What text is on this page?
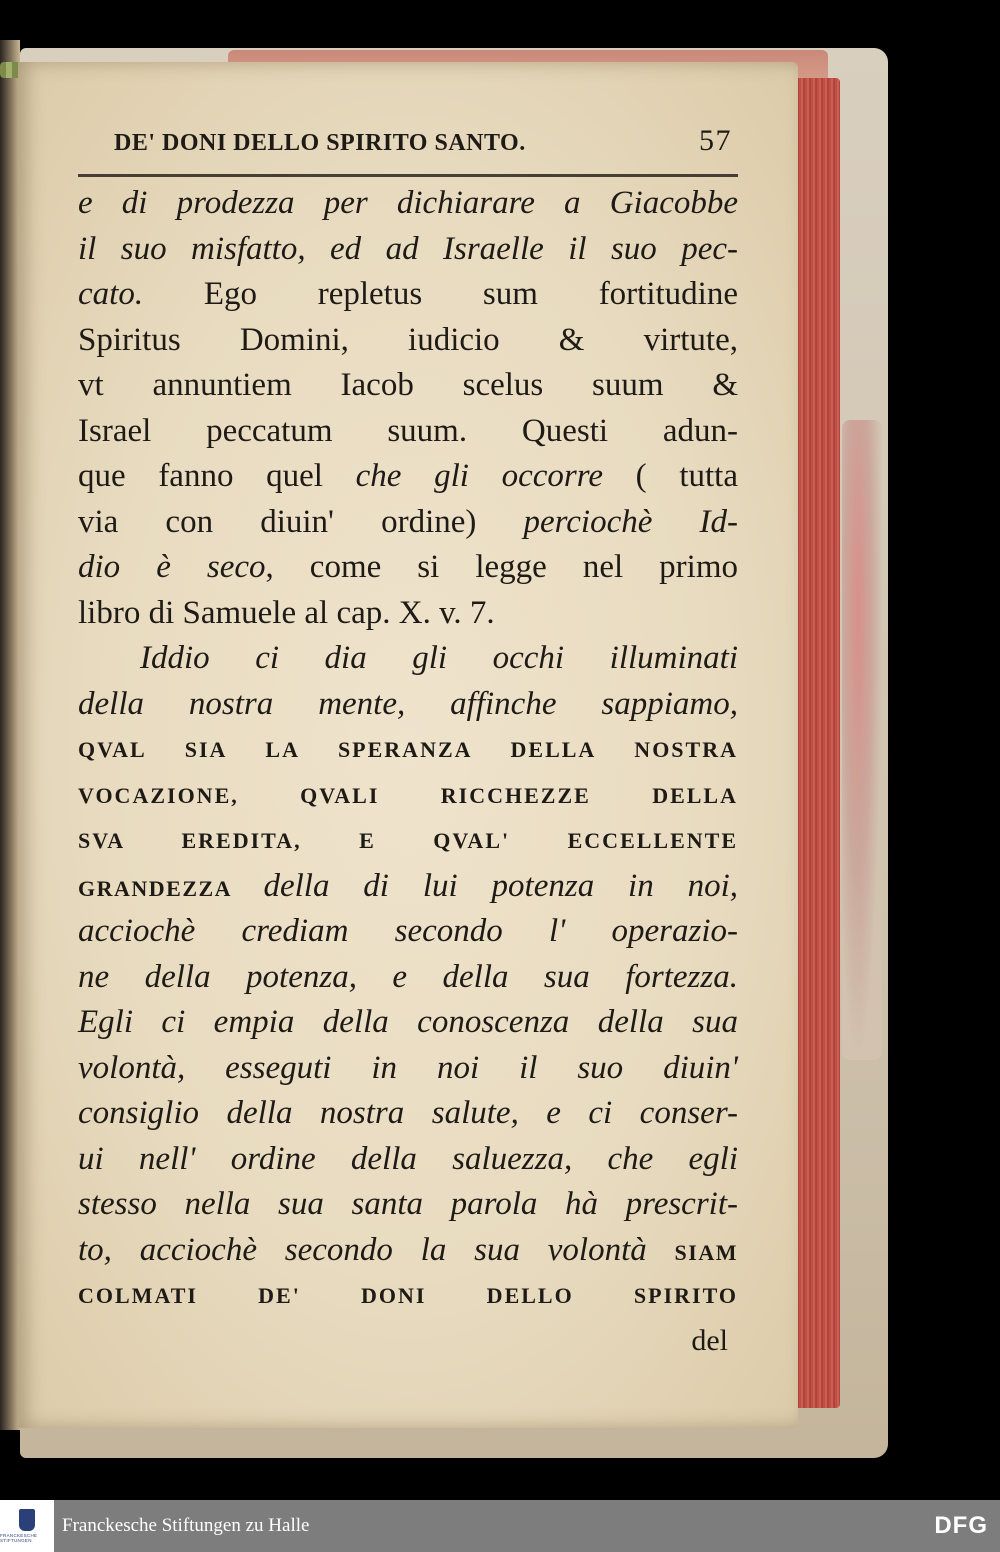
DE' DONI DELLO SPIRITO SANTO.	57
e di prodezza per dichiarare a Giacobbe
il suo misfatto, ed ad Israelle il suo pec-
cato. Ego repletus sum fortitudine
Spiritus Domini, iudicio & virtute,
vt annuntiem Iacob scelus suum &
Israel peccatum suum. Questi adun-
que fanno quel che gli occorre ( tutta
via con diuin' ordine) perciochè Id-
dio è seco, come si legge nel primo
libro di Samuele al cap. X. v. 7.
Iddio ci dia gli occhi illuminati
della nostra mente, affinche sappiamo,
QVAL SIA LA SPERANZA DELLA NOSTRA
VOCAZIONE, QVALI RICCHEZZE DELLA
SVA EREDITA, E QVAL' ECCELLENTE
GRANDEZZA della di lui potenza in noi,
acciochè crediam secondo l' operazio-
ne della potenza, e della sua fortezza.
Egli ci empia della conoscenza della sua
volontà, esseguti in noi il suo diuin'
consiglio della nostra salute, e ci conser-
ui nell' ordine della saluezza, che egli
stesso nella sua santa parola hà prescrit-
to, acciochè secondo la sua volontà SIAM
COLMATI DE' DONI DELLO SPIRITO
del
FRANCKESCHE STIFTUNGEN
Franckesche Stiftungen zu Halle	DFG
